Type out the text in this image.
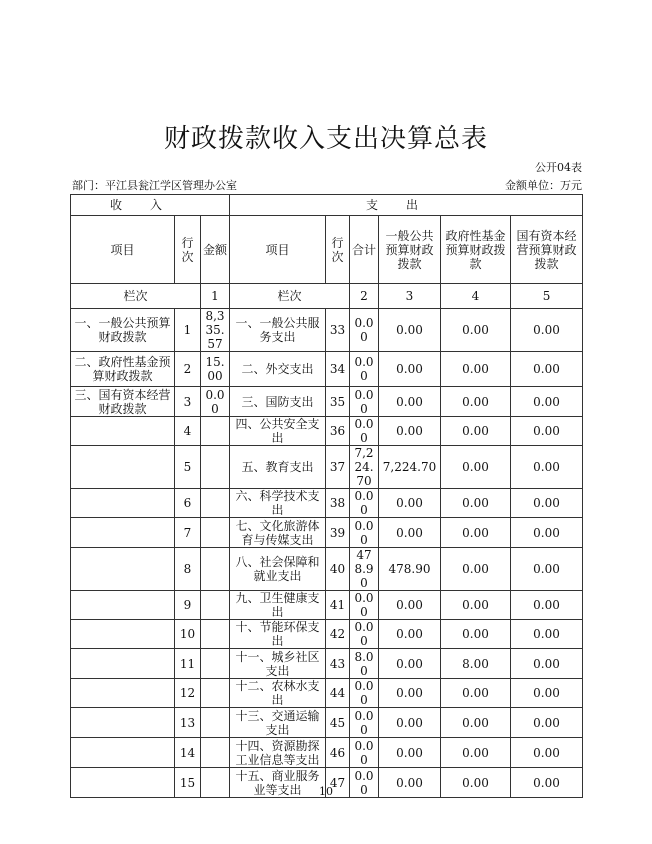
财政拨款收入支出决算总表
公开04表
部门：平江县瓮江学区管理办公室	金额单位：万元
收入			支出					
项目	行次	金额	项目	行次	合计	一般公共预算财政拨款	政府性基金预算财政拨款	国有资本经营预算财政拨款
栏次		1	栏次		2	3	4	5
一、一般公共预算财政拨款	1	8,335.57	一、一般公共服务支出	33	0.00	0.00	0.00	0.00
二、政府性基金预算财政拨款	2	15.00	二、外交支出	34	0.00	0.00	0.00	0.00
三、国有资本经营财政拨款	3	0.00	三、国防支出	35	0.00	0.00	0.00	0.00
	4		四、公共安全支出	36	0.00	0.00	0.00	0.00
	5		五、教育支出	37	7,224.70	7,224.70	0.00	0.00
	6		六、科学技术支出	38	0.00	0.00	0.00	0.00
	7		七、文化旅游体育与传媒支出	39	0.00	0.00	0.00	0.00
	8		八、社会保障和就业支出	40	478.90	478.90	0.00	0.00
	9		九、卫生健康支出	41	0.00	0.00	0.00	0.00
	10		十、节能环保支出	42	0.00	0.00	0.00	0.00
	11		十一、城乡社区支出	43	8.00	0.00	8.00	0.00
	12		十二、农林水支出	44	0.00	0.00	0.00	0.00
	13		十三、交通运输支出	45	0.00	0.00	0.00	0.00
	14		十四、资源勘探工业信息等支出	46	0.00	0.00	0.00	0.00
	15		十五、商业服务业等支出	47	0.00	0.00	0.00	0.00
10
